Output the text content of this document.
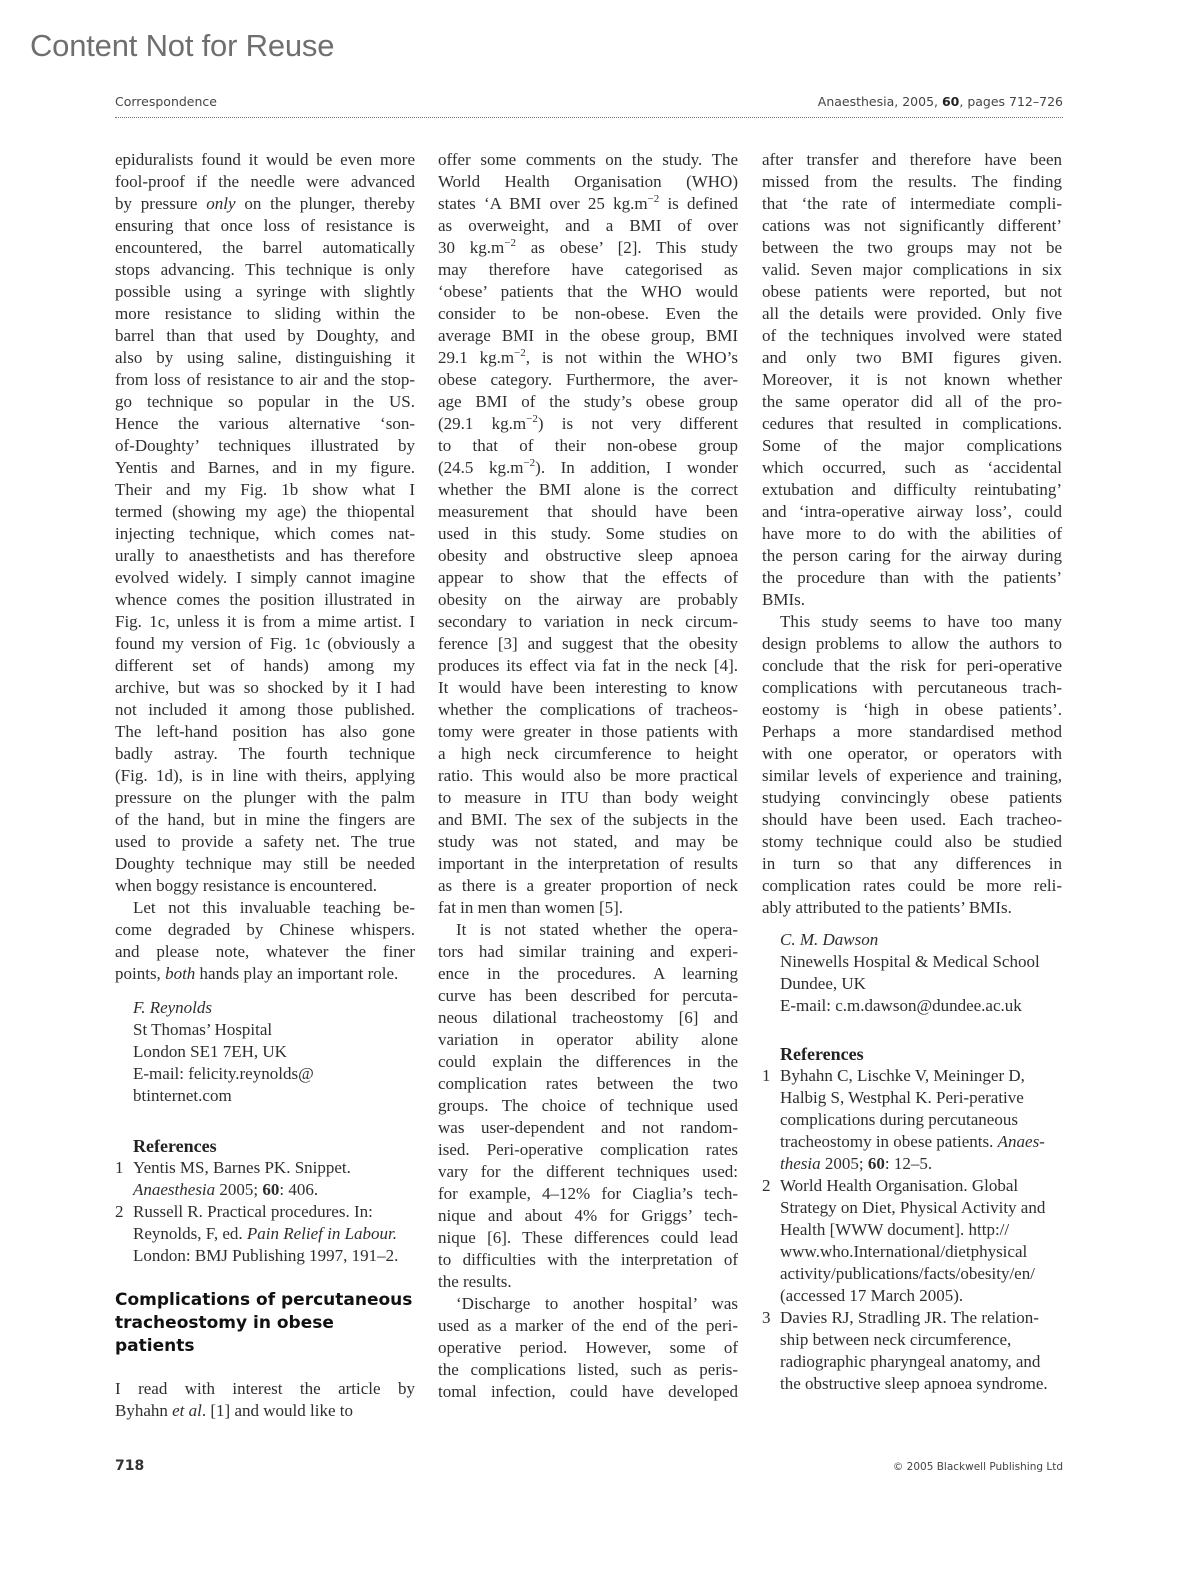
Content Not for Reuse
Correspondence	Anaesthesia, 2005, 60, pages 712–726
epiduralists found it would be even more
fool-proof if the needle were advanced
by pressure only on the plunger, thereby
ensuring that once loss of resistance is
encountered, the barrel automatically
stops advancing. This technique is only
possible using a syringe with slightly
more resistance to sliding within the
barrel than that used by Doughty, and
also by using saline, distinguishing it
from loss of resistance to air and the stop-
go technique so popular in the US.
Hence the various alternative ‘son-
of-Doughty’ techniques illustrated by
Yentis and Barnes, and in my figure.
Their and my Fig. 1b show what I
termed (showing my age) the thiopental
injecting technique, which comes nat-
urally to anaesthetists and has therefore
evolved widely. I simply cannot imagine
whence comes the position illustrated in
Fig. 1c, unless it is from a mime artist. I
found my version of Fig. 1c (obviously a
different set of hands) among my
archive, but was so shocked by it I had
not included it among those published.
The left-hand position has also gone
badly astray. The fourth technique
(Fig. 1d), is in line with theirs, applying
pressure on the plunger with the palm
of the hand, but in mine the fingers are
used to provide a safety net. The true
Doughty technique may still be needed
when boggy resistance is encountered.
Let not this invaluable teaching be-
come degraded by Chinese whispers.
and please note, whatever the finer
points, both hands play an important role.
F. Reynolds
St Thomas’ Hospital
London SE1 7EH, UK
E-mail: felicity.reynolds@
btinternet.com
References
1 Yentis MS, Barnes PK. Snippet.
Anaesthesia 2005; 60: 406.
2 Russell R. Practical procedures. In:
Reynolds, F, ed. Pain Relief in Labour.
London: BMJ Publishing 1997, 191–2.
Complications of percutaneous
tracheostomy in obese patients
I read with interest the article by
Byhahn et al. [1] and would like to
offer some comments on the study. The
World Health Organisation (WHO)
states ‘A BMI over 25 $kg.m^{-2}$ is defined
as overweight, and a BMI of over
30 $kg.m^{-2}$ as obese’ [2]. This study
may therefore have categorised as
‘obese’ patients that the WHO would
consider to be non-obese. Even the
average BMI in the obese group, BMI
29.1 $kg.m^{-2}$, is not within the WHO’s
obese category. Furthermore, the aver-
age BMI of the study’s obese group
(29.1 $kg.m^{-2}$) is not very different
to that of their non-obese group
(24.5 $kg.m^{-2}$). In addition, I wonder
whether the BMI alone is the correct
measurement that should have been
used in this study. Some studies on
obesity and obstructive sleep apnoea
appear to show that the effects of
obesity on the airway are probably
secondary to variation in neck circum-
ference [3] and suggest that the obesity
produces its effect via fat in the neck [4].
It would have been interesting to know
whether the complications of tracheos-
tomy were greater in those patients with
a high neck circumference to height
ratio. This would also be more practical
to measure in ITU than body weight
and BMI. The sex of the subjects in the
study was not stated, and may be
important in the interpretation of results
as there is a greater proportion of neck
fat in men than women [5].
It is not stated whether the opera-
tors had similar training and experi-
ence in the procedures. A learning
curve has been described for percuta-
neous dilational tracheostomy [6] and
variation in operator ability alone
could explain the differences in the
complication rates between the two
groups. The choice of technique used
was user-dependent and not random-
ised. Peri-operative complication rates
vary for the different techniques used:
for example, 4–12% for Ciaglia’s tech-
nique and about 4% for Griggs’ tech-
nique [6]. These differences could lead
to difficulties with the interpretation of
the results.
‘Discharge to another hospital’ was
used as a marker of the end of the peri-
operative period. However, some of
the complications listed, such as peris-
tomal infection, could have developed
after transfer and therefore have been
missed from the results. The finding
that ‘the rate of intermediate compli-
cations was not significantly different’
between the two groups may not be
valid. Seven major complications in six
obese patients were reported, but not
all the details were provided. Only five
of the techniques involved were stated
and only two BMI figures given.
Moreover, it is not known whether
the same operator did all of the pro-
cedures that resulted in complications.
Some of the major complications
which occurred, such as ‘accidental
extubation and difficulty reintubating’
and ‘intra-operative airway loss’, could
have more to do with the abilities of
the person caring for the airway during
the procedure than with the patients’
BMIs.
This study seems to have too many
design problems to allow the authors to
conclude that the risk for peri-operative
complications with percutaneous trach-
eostomy is ‘high in obese patients’.
Perhaps a more standardised method
with one operator, or operators with
similar levels of experience and training,
studying convincingly obese patients
should have been used. Each tracheo-
stomy technique could also be studied
in turn so that any differences in
complication rates could be more reli-
ably attributed to the patients’ BMIs.
C. M. Dawson
Ninewells Hospital & Medical School
Dundee, UK
E-mail: c.m.dawson@dundee.ac.uk
References
1 Byhahn C, Lischke V, Meininger D,
Halbig S, Westphal K. Peri-perative
complications during percutaneous
tracheostomy in obese patients. Anaes-
thesia 2005; 60: 12–5.
2 World Health Organisation. Global
Strategy on Diet, Physical Activity and
Health [WWW document]. http://
www.who.International/dietphysical
activity/publications/facts/obesity/en/
(accessed 17 March 2005).
3 Davies RJ, Stradling JR. The relation-
ship between neck circumference,
radiographic pharyngeal anatomy, and
the obstructive sleep apnoea syndrome.
718	© 2005 Blackwell Publishing Ltd
